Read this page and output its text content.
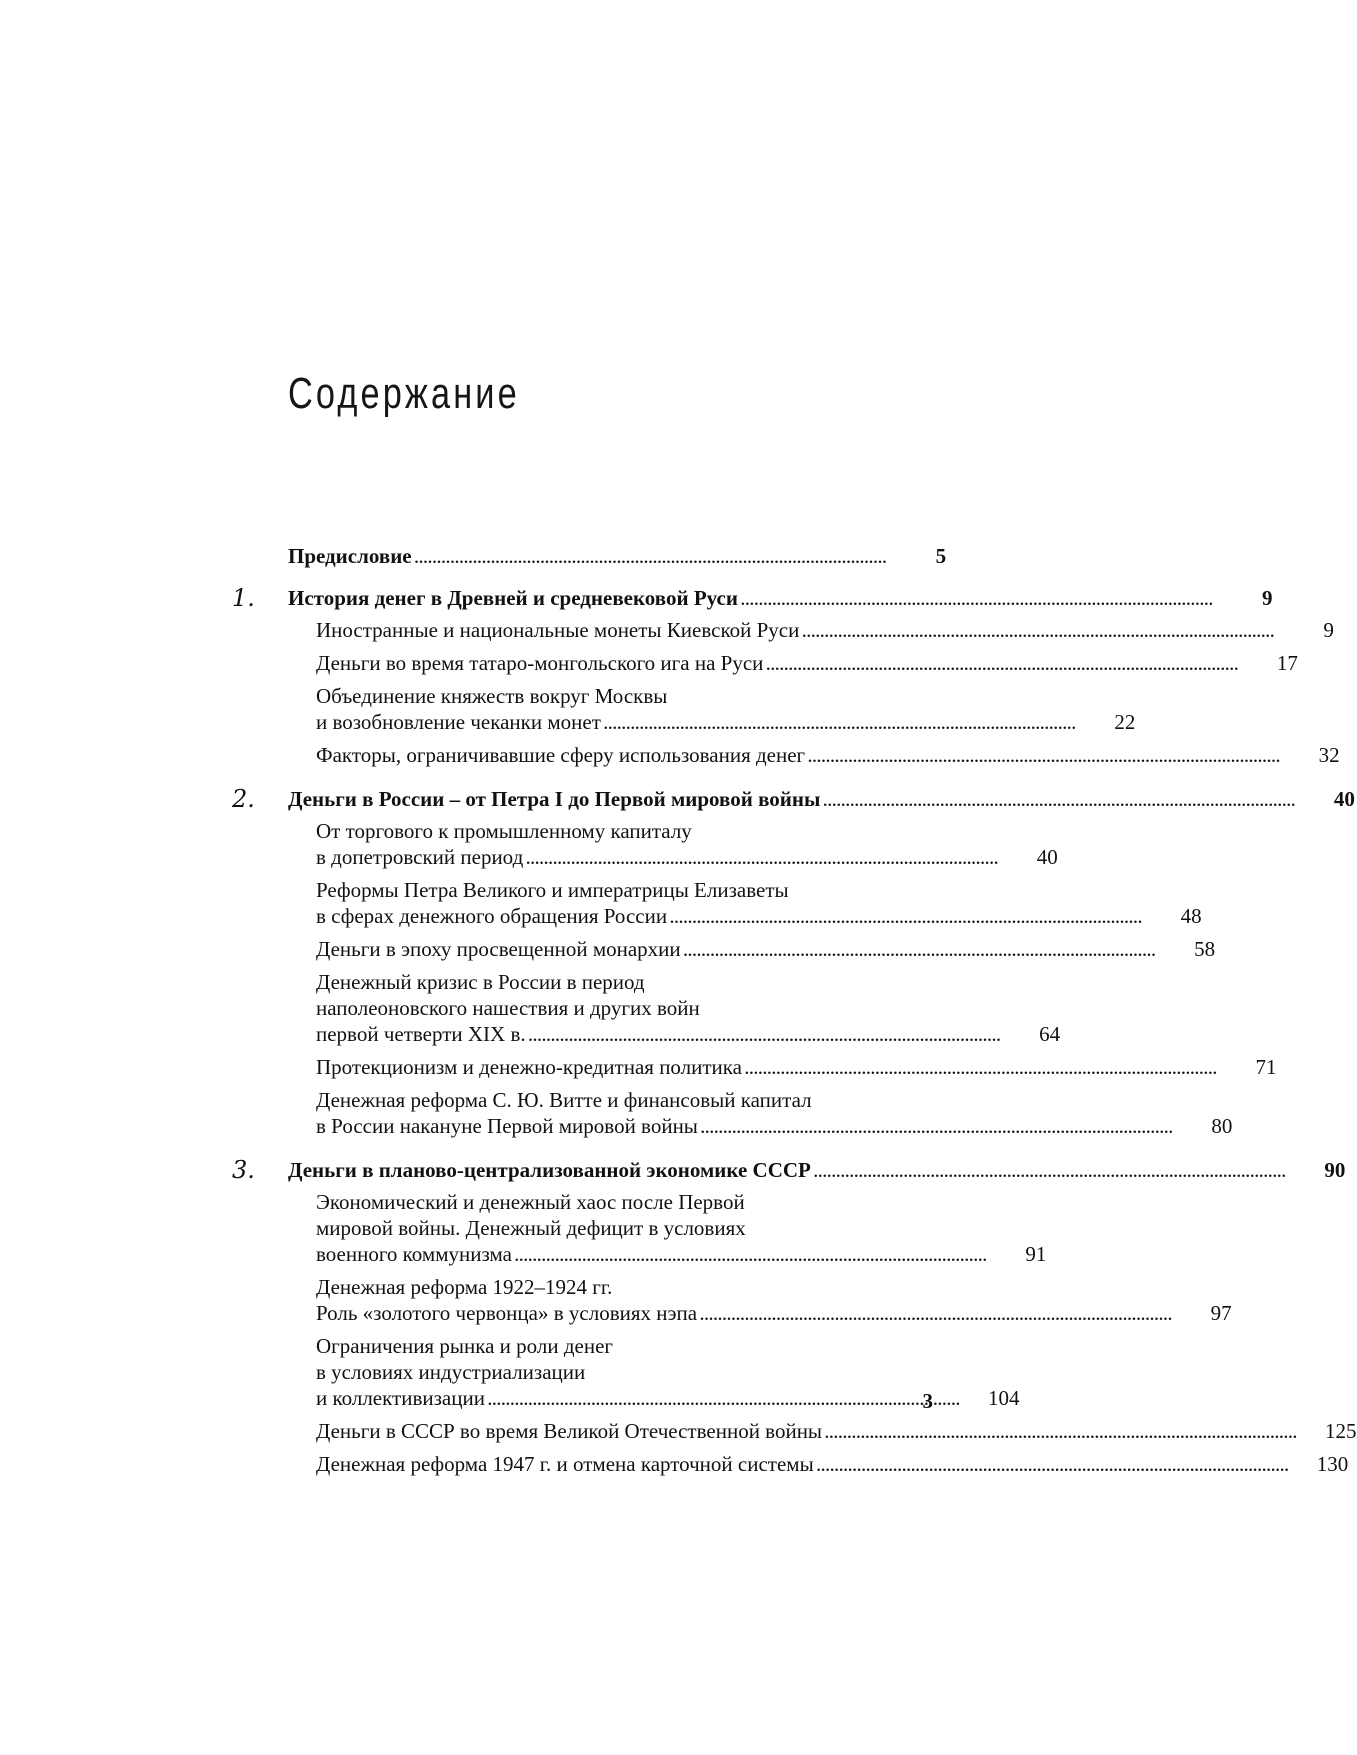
Содержание
Предисловие . . .	5
1. История денег в Древней и средневековой Руси . . .	9
Иностранные и национальные монеты Киевской Руси . . .	9
Деньги во время татаро-монгольского ига на Руси . . .	17
Объединение княжеств вокруг Москвы
и возобновление чеканки монет . . .	22
Факторы, ограничивавшие сферу использования денег . . .	32
2. Деньги в России – от Петра I до Первой мировой войны . . .	40
От торгового к промышленному капиталу
в допетровский период . . .	40
Реформы Петра Великого и императрицы Елизаветы
в сферах денежного обращения России . . .	48
Деньги в эпоху просвещенной монархии . . .	58
Денежный кризис в России в период
наполеоновского нашествия и других войн
первой четверти XIX в. . . .	64
Протекционизм и денежно-кредитная политика . . .	71
Денежная реформа С. Ю. Витте и финансовый капитал
в России накануне Первой мировой войны . . .	80
3. Деньги в планово-централизованной экономике СССР . . .	90
Экономический и денежный хаос после Первой
мировой войны. Денежный дефицит в условиях
военного коммунизма . . .	91
Денежная реформа 1922–1924 гг.
Роль «золотого червонца» в условиях нэпа . . .	97
Ограничения рынка и роли денег
в условиях индустриализации
и коллективизации . . .	104
Деньги в СССР во время Великой Отечественной войны . . .	125
Денежная реформа 1947 г. и отмена карточной системы . . .	130
3
